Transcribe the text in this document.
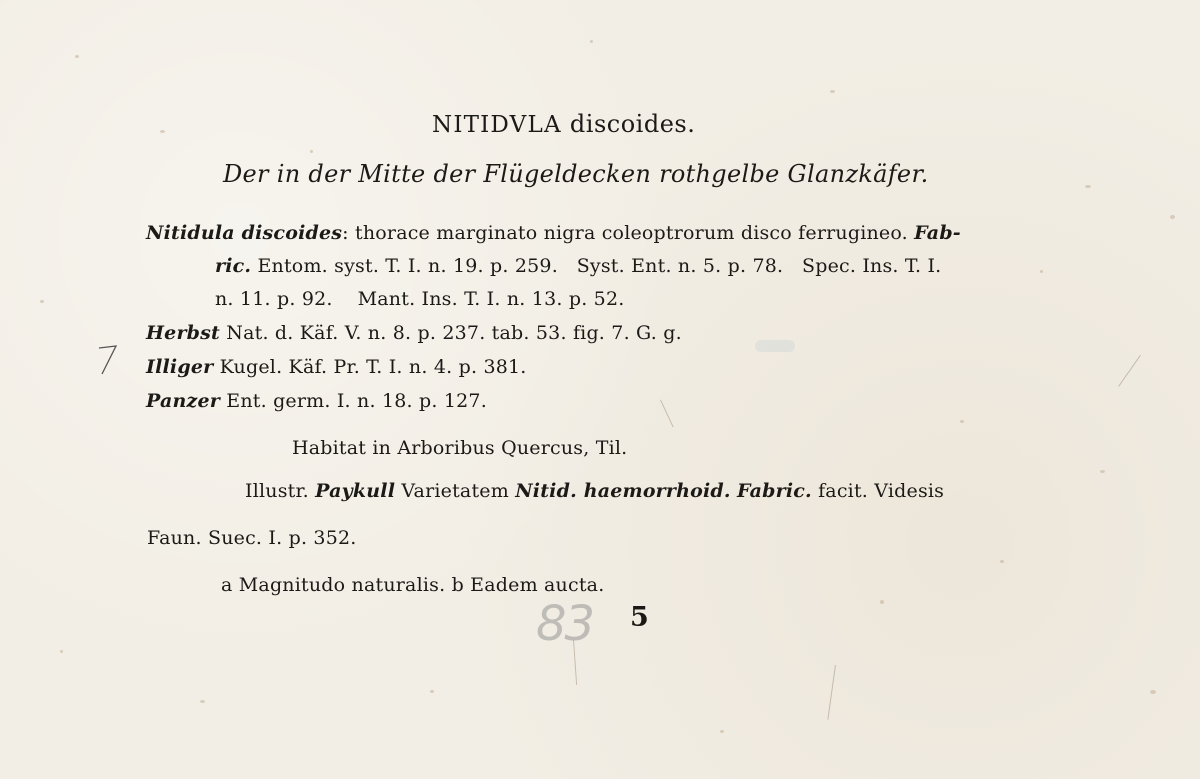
NITIDVLA discoides.
Der in der Mitte der Flügeldecken rothgelbe Glanzkäfer.
Nitidula discoides: thorace marginato nigra coleoptrorum disco ferrugineo. Fab-
ric. Entom. syst. T. I. n. 19. p. 259. Syst. Ent. n. 5. p. 78. Spec. Ins. T. I.
n. 11. p. 92. Mant. Ins. T. I. n. 13. p. 52.
Herbst Nat. d. Käf. V. n. 8. p. 237. tab. 53. fig. 7. G. g.
Illiger Kugel. Käf. Pr. T. I. n. 4. p. 381.
Panzer Ent. germ. I. n. 18. p. 127.
Habitat in Arboribus Quercus, Til.
Illustr. Paykull Varietatem Nitid. haemorrhoid. Fabric. facit. Videsis
Faun. Suec. I. p. 352.
a Magnitudo naturalis. b Eadem aucta.
83 5
